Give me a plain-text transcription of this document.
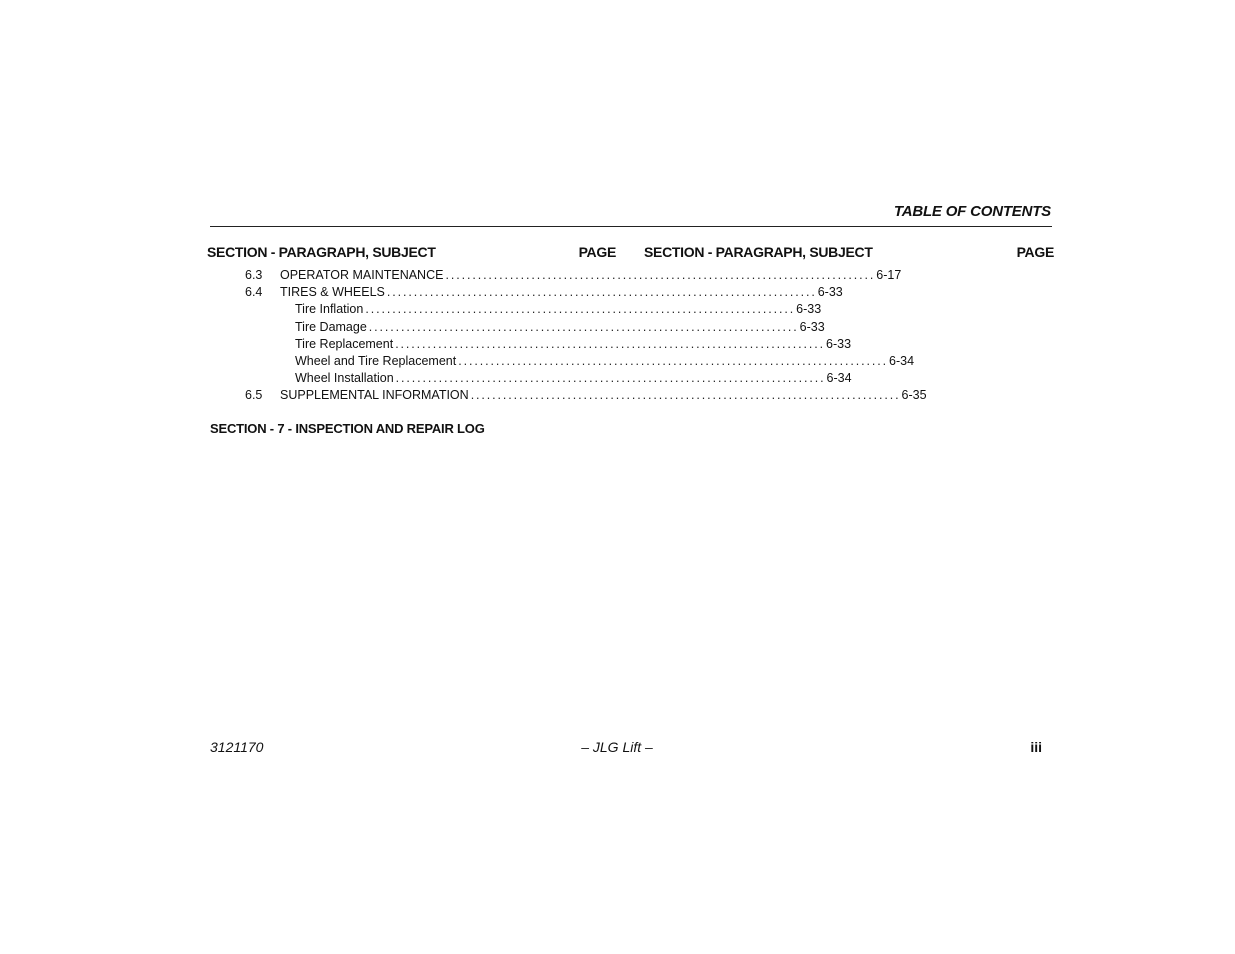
TABLE OF CONTENTS
SECTION - PARAGRAPH, SUBJECT	PAGE SECTION - PARAGRAPH, SUBJECT	PAGE
6.3 OPERATOR MAINTENANCE ................................................................................ 6-17
6.4 TIRES & WHEELS ................................................................................ 6-33
Tire Inflation ................................................................................ 6-33
Tire Damage ................................................................................ 6-33
Tire Replacement ................................................................................ 6-33
Wheel and Tire Replacement ................................................................................ 6-34
Wheel Installation ................................................................................ 6-34
6.5 SUPPLEMENTAL INFORMATION ................................................................................ 6-35
SECTION - 7 - INSPECTION AND REPAIR LOG
3121170	– JLG Lift –	iii
